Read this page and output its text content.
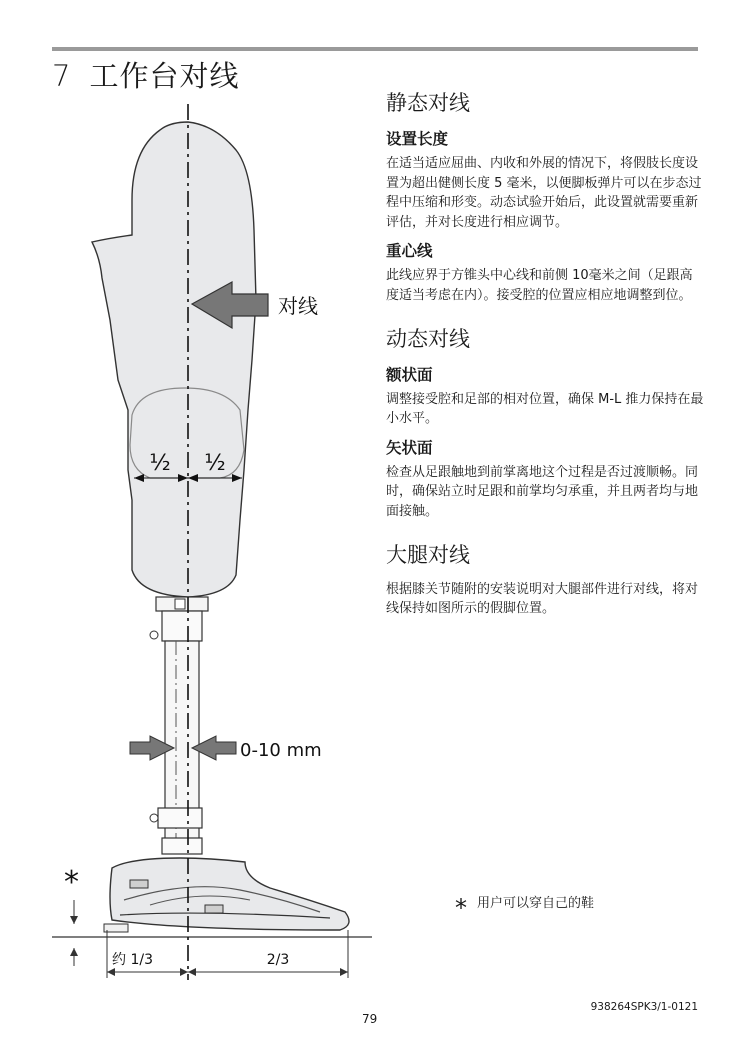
7 工作台对线
½ ½
对线
0-10 mm
*
约 1/3	2/3
静态对线
设置长度

在适当适应屈曲、内收和外展的情况下，将假肢长度设置为超出健侧长度 5 毫米，以便脚板弹片可以在步态过程中压缩和形变。动态试验开始后，此设置就需要重新评估，并对长度进行相应调节。

重心线

此线应界于方锥头中心线和前侧 10毫米之间（足跟高度适当考虑在内）。接受腔的位置应相应地调整到位。

动态对线
额状面

调整接受腔和足部的相对位置，确保 M-L 推力保持在最小水平。

矢状面

检查从足跟触地到前掌离地这个过程是否过渡顺畅。同时，确保站立时足跟和前掌均匀承重，并且两者均与地面接触。

大腿对线

根据膝关节随附的安装说明对大腿部件进行对线，将对线保持如图所示的假脚位置。

* 用户可以穿自己的鞋
79
938264SPK3/1-0121
